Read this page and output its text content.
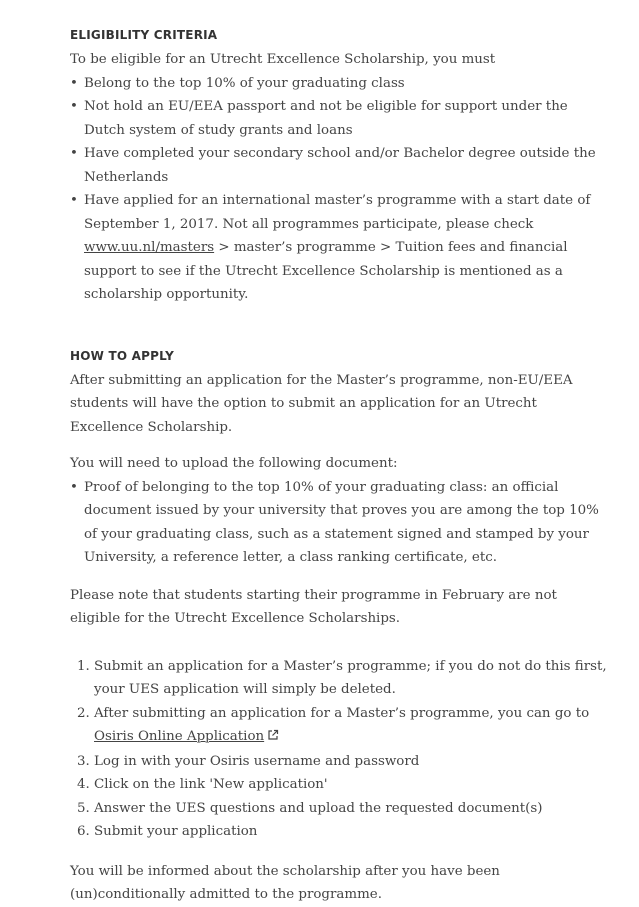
ELIGIBILITY CRITERIA

To be eligible for an Utrecht Excellence Scholarship, you must

• Belong to the top 10% of your graduating class
• Not hold an EU/EEA passport and not be eligible for support under the Dutch system of study grants and loans
• Have completed your secondary school and/or Bachelor degree outside the Netherlands
• Have applied for an international master’s programme with a start date of September 1, 2017. Not all programmes participate, please check www.uu.nl/masters > master’s programme > Tuition fees and financial support to see if the Utrecht Excellence Scholarship is mentioned as a scholarship opportunity.
HOW TO APPLY

After submitting an application for the Master’s programme, non-EU/EEA students will have the option to submit an application for an Utrecht Excellence Scholarship.

You will need to upload the following document:

• Proof of belonging to the top 10% of your graduating class: an official document issued by your university that proves you are among the top 10% of your graduating class, such as a statement signed and stamped by your University, a reference letter, a class ranking certificate, etc.

Please note that students starting their programme in February are not eligible for the Utrecht Excellence Scholarships.

1. Submit an application for a Master’s programme; if you do not do this first, your UES application will simply be deleted.
2. After submitting an application for a Master’s programme, you can go to Osiris Online Application
3. Log in with your Osiris username and password
4. Click on the link 'New application'
5. Answer the UES questions and upload the requested document(s)
6. Submit your application

You will be informed about the scholarship after you have been (un)conditionally admitted to the programme.
